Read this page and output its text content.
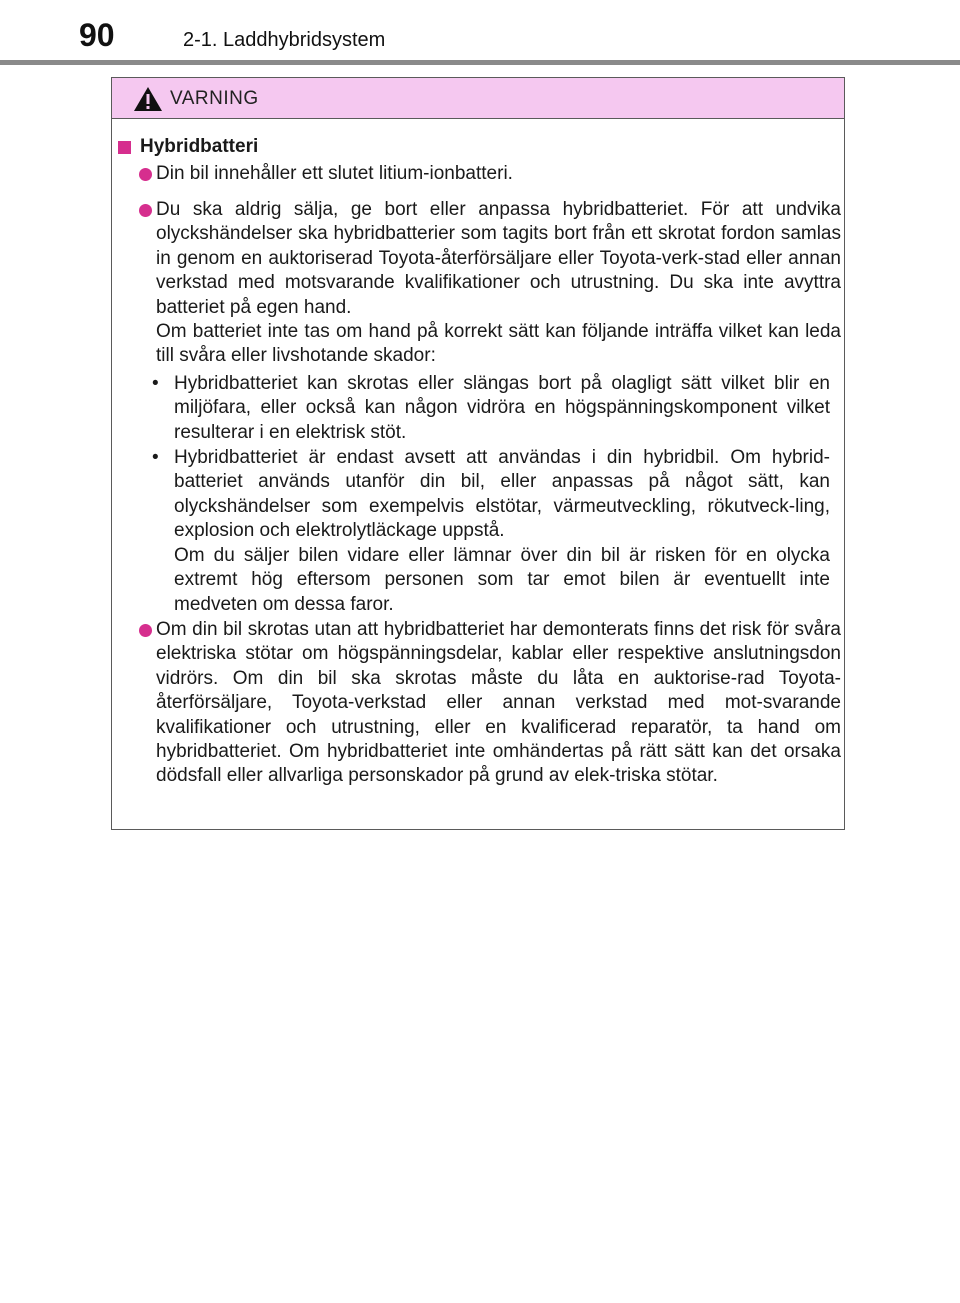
90	2-1. Laddhybridsystem
VARNING
Hybridbatteri

Din bil innehåller ett slutet litium-ionbatteri.

Du ska aldrig sälja, ge bort eller anpassa hybridbatteriet. För att undvika olyckshändelser ska hybridbatterier som tagits bort från ett skrotat fordon samlas in genom en auktoriserad Toyota-återförsäljare eller Toyota-verk-stad eller annan verkstad med motsvarande kvalifikationer och utrustning. Du ska inte avyttra batteriet på egen hand.

Om batteriet inte tas om hand på korrekt sätt kan följande inträffa vilket kan leda till svåra eller livshotande skador:

• Hybridbatteriet kan skrotas eller slängas bort på olagligt sätt vilket blir en miljöfara, eller också kan någon vidröra en högspänningskomponent vilket resulterar i en elektrisk stöt.

• Hybridbatteriet är endast avsett att användas i din hybridbil. Om hybrid-batteriet används utanför din bil, eller anpassas på något sätt, kan olyckshändelser som exempelvis elstötar, värmeutveckling, rökutveck-ling, explosion och elektrolytläckage uppstå.

Om du säljer bilen vidare eller lämnar över din bil är risken för en olycka extremt hög eftersom personen som tar emot bilen är eventuellt inte medveten om dessa faror.

Om din bil skrotas utan att hybridbatteriet har demonterats finns det risk för svåra elektriska stötar om högspänningsdelar, kablar eller respektive anslutningsdon vidrörs. Om din bil ska skrotas måste du låta en auktorise-rad Toyota-återförsäljare, Toyota-verkstad eller annan verkstad med mot-svarande kvalifikationer och utrustning, eller en kvalificerad reparatör, ta hand om hybridbatteriet. Om hybridbatteriet inte omhändertas på rätt sätt kan det orsaka dödsfall eller allvarliga personskador på grund av elek-triska stötar.
